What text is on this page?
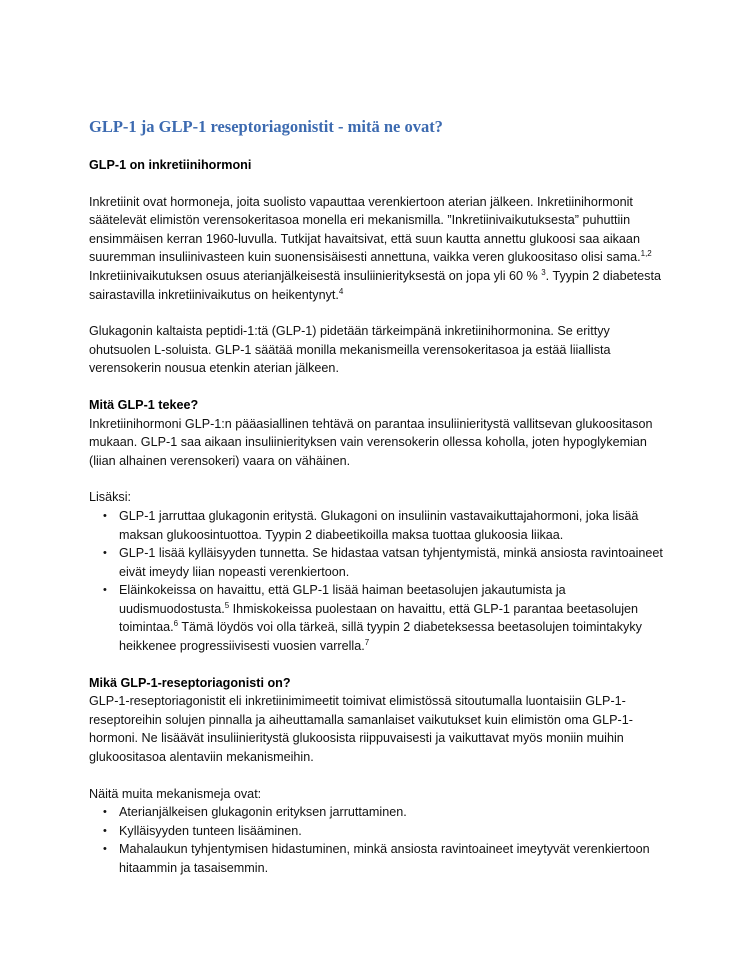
GLP-1 ja GLP-1 reseptoriagonistit - mitä ne ovat?
GLP-1 on inkretiinihormoni

Inkretiinit ovat hormoneja, joita suolisto vapauttaa verenkiertoon aterian jälkeen. Inkretiinihormonit säätelevät elimistön verensokeritasoa monella eri mekanismilla. ”Inkretiinivaikutuksesta” puhuttiin ensimmäisen kerran 1960-luvulla. Tutkijat havaitsivat, että suun kautta annettu glukoosi saa aikaan suuremman insuliinivasteen kuin suonensisäisesti annettuna, vaikka veren glukoositaso olisi sama.$^{1,2}$ Inkretiinivaikutuksen osuus aterianjälkeisestä insuliinierityksestä on jopa yli 60 % $^3$. Tyypin 2 diabetesta sairastavilla inkretiinivaikutus on heikentynyt.$^4$

Glukagonin kaltaista peptidi-1:tä (GLP-1) pidetään tärkeimpänä inkretiinihormonina. Se erittyy ohutsuolen L-soluista. GLP-1 säätää monilla mekanismeilla verensokeritasoa ja estää liiallista verensokerin nousua etenkin aterian jälkeen.

Mitä GLP-1 tekee?

Inkretiinihormoni GLP-1:n pääasiallinen tehtävä on parantaa insuliinieritystä vallitsevan glukoositason mukaan. GLP-1 saa aikaan insuliinierityksen vain verensokerin ollessa koholla, joten hypoglykemian (liian alhainen verensokeri) vaara on vähäinen.

Lisäksi:

• GLP-1 jarruttaa glukagonin eritystä. Glukagoni on insuliinin vastavaikuttajahormoni, joka lisää maksan glukoosintuottoa. Tyypin 2 diabeetikoilla maksa tuottaa glukoosia liikaa.
• GLP-1 lisää kylläisyyden tunnetta. Se hidastaa vatsan tyhjentymistä, minkä ansiosta ravintoaineet eivät imeydy liian nopeasti verenkiertoon.
• Eläinkokeissa on havaittu, että GLP-1 lisää haiman beetasolujen jakautumista ja uudismuodostusta.$^5$ Ihmiskokeissa puolestaan on havaittu, että GLP-1 parantaa beetasolujen toimintaa.$^6$ Tämä löydös voi olla tärkeä, sillä tyypin 2 diabeteksessa beetasolujen toimintakyky heikkenee progressiivisesti vuosien varrella.$^7$
Mikä GLP-1-reseptoriagonisti on?

GLP-1-reseptoriagonistit eli inkretiinimimeetit toimivat elimistössä sitoutumalla luontaisiin GLP-1-reseptoreihin solujen pinnalla ja aiheuttamalla samanlaiset vaikutukset kuin elimistön oma GLP-1-hormoni. Ne lisäävät insuliinieritystä glukoosista riippuvaisesti ja vaikuttavat myös moniin muihin glukoositasoa alentaviin mekanismeihin.

Näitä muita mekanismeja ovat:

• Aterianjälkeisen glukagonin erityksen jarruttaminen.
• Kylläisyyden tunteen lisääminen.
• Mahalaukun tyhjentymisen hidastuminen, minkä ansiosta ravintoaineet imeytyvät verenkiertoon hitaammin ja tasaisemmin.
